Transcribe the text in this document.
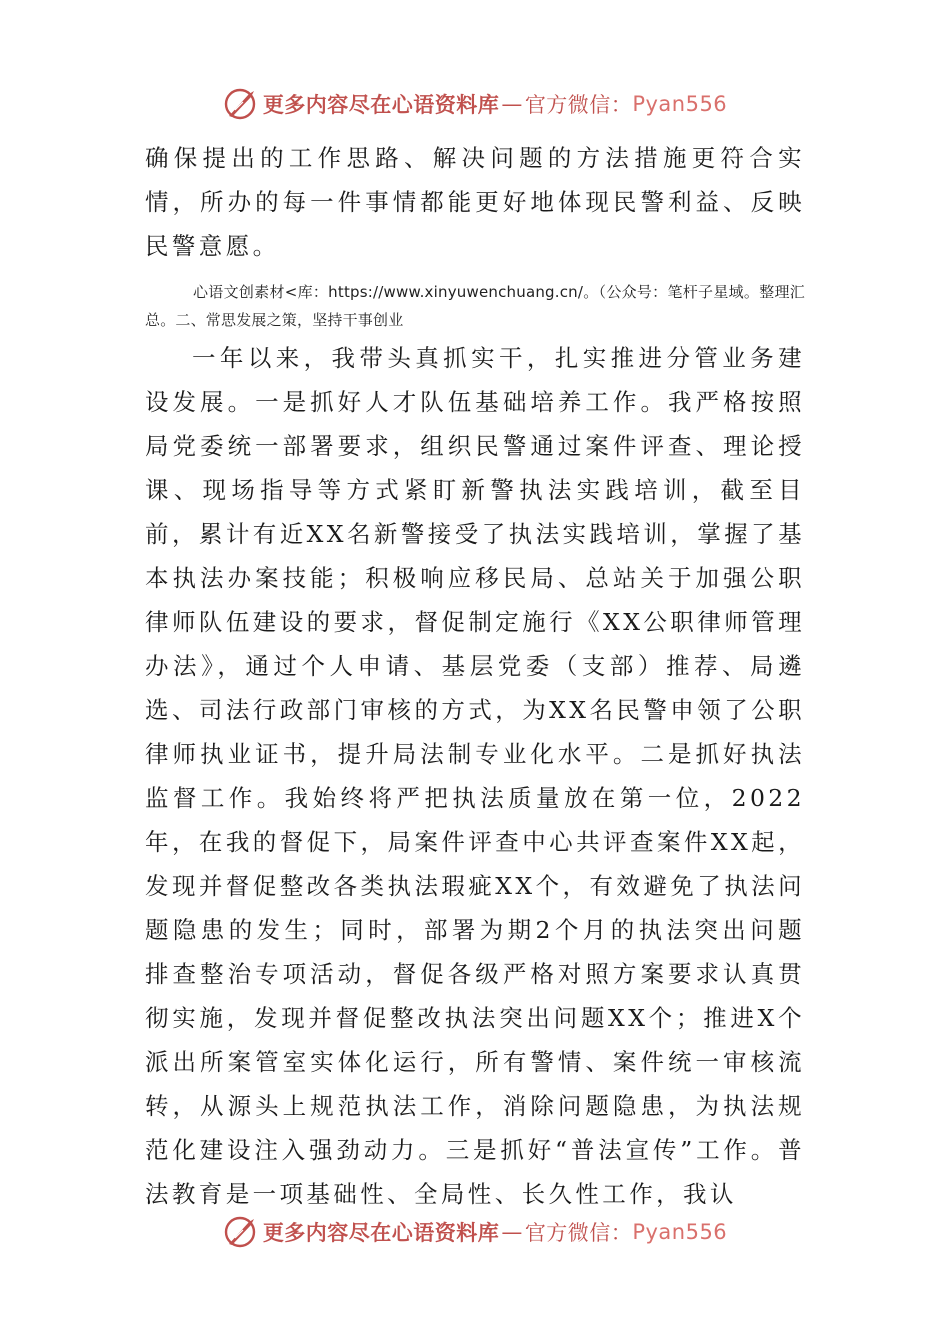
更多内容尽在心语资料库 — 官方微信： Pyan556

确保提出的工作思路、解决问题的方法措施更符合实情，所办的每一件事情都能更好地体现民警利益、反映民警意愿。

心语文创素材<库：https://www.xinyuwenchuang.cn/。（公众号：笔杆子星域。整理汇总。二、常思发展之策，坚持干事创业

一年以来，我带头真抓实干，扎实推进分管业务建设发展。一是抓好人才队伍基础培养工作。我严格按照局党委统一部署要求，组织民警通过案件评查、理论授课、现场指导等方式紧盯新警执法实践培训，截至目前，累计有近XX名新警接受了执法实践培训，掌握了基本执法办案技能；积极响应移民局、总站关于加强公职律师队伍建设的要求，督促制定施行《XX公职律师管理办法》，通过个人申请、基层党委（支部）推荐、局遴选、司法行政部门审核的方式，为XX名民警申领了公职律师执业证书，提升局法制专业化水平。二是抓好执法监督工作。我始终将严把执法质量放在第一位，2022年，在我的督促下，局案件评查中心共评查案件XX起，发现并督促整改各类执法瑕疵XX个，有效避免了执法问题隐患的发生；同时，部署为期2个月的执法突出问题排查整治专项活动，督促各级严格对照方案要求认真贯彻实施，发现并督促整改执法突出问题XX个；推进X个派出所案管室实体化运行，所有警情、案件统一审核流转，从源头上规范执法工作，消除问题隐患，为执法规范化建设注入强劲动力。三是抓好“普法宣传”工作。普法教育是一项基础性、全局性、长久性工作，我认

更多内容尽在心语资料库 — 官方微信： Pyan556
